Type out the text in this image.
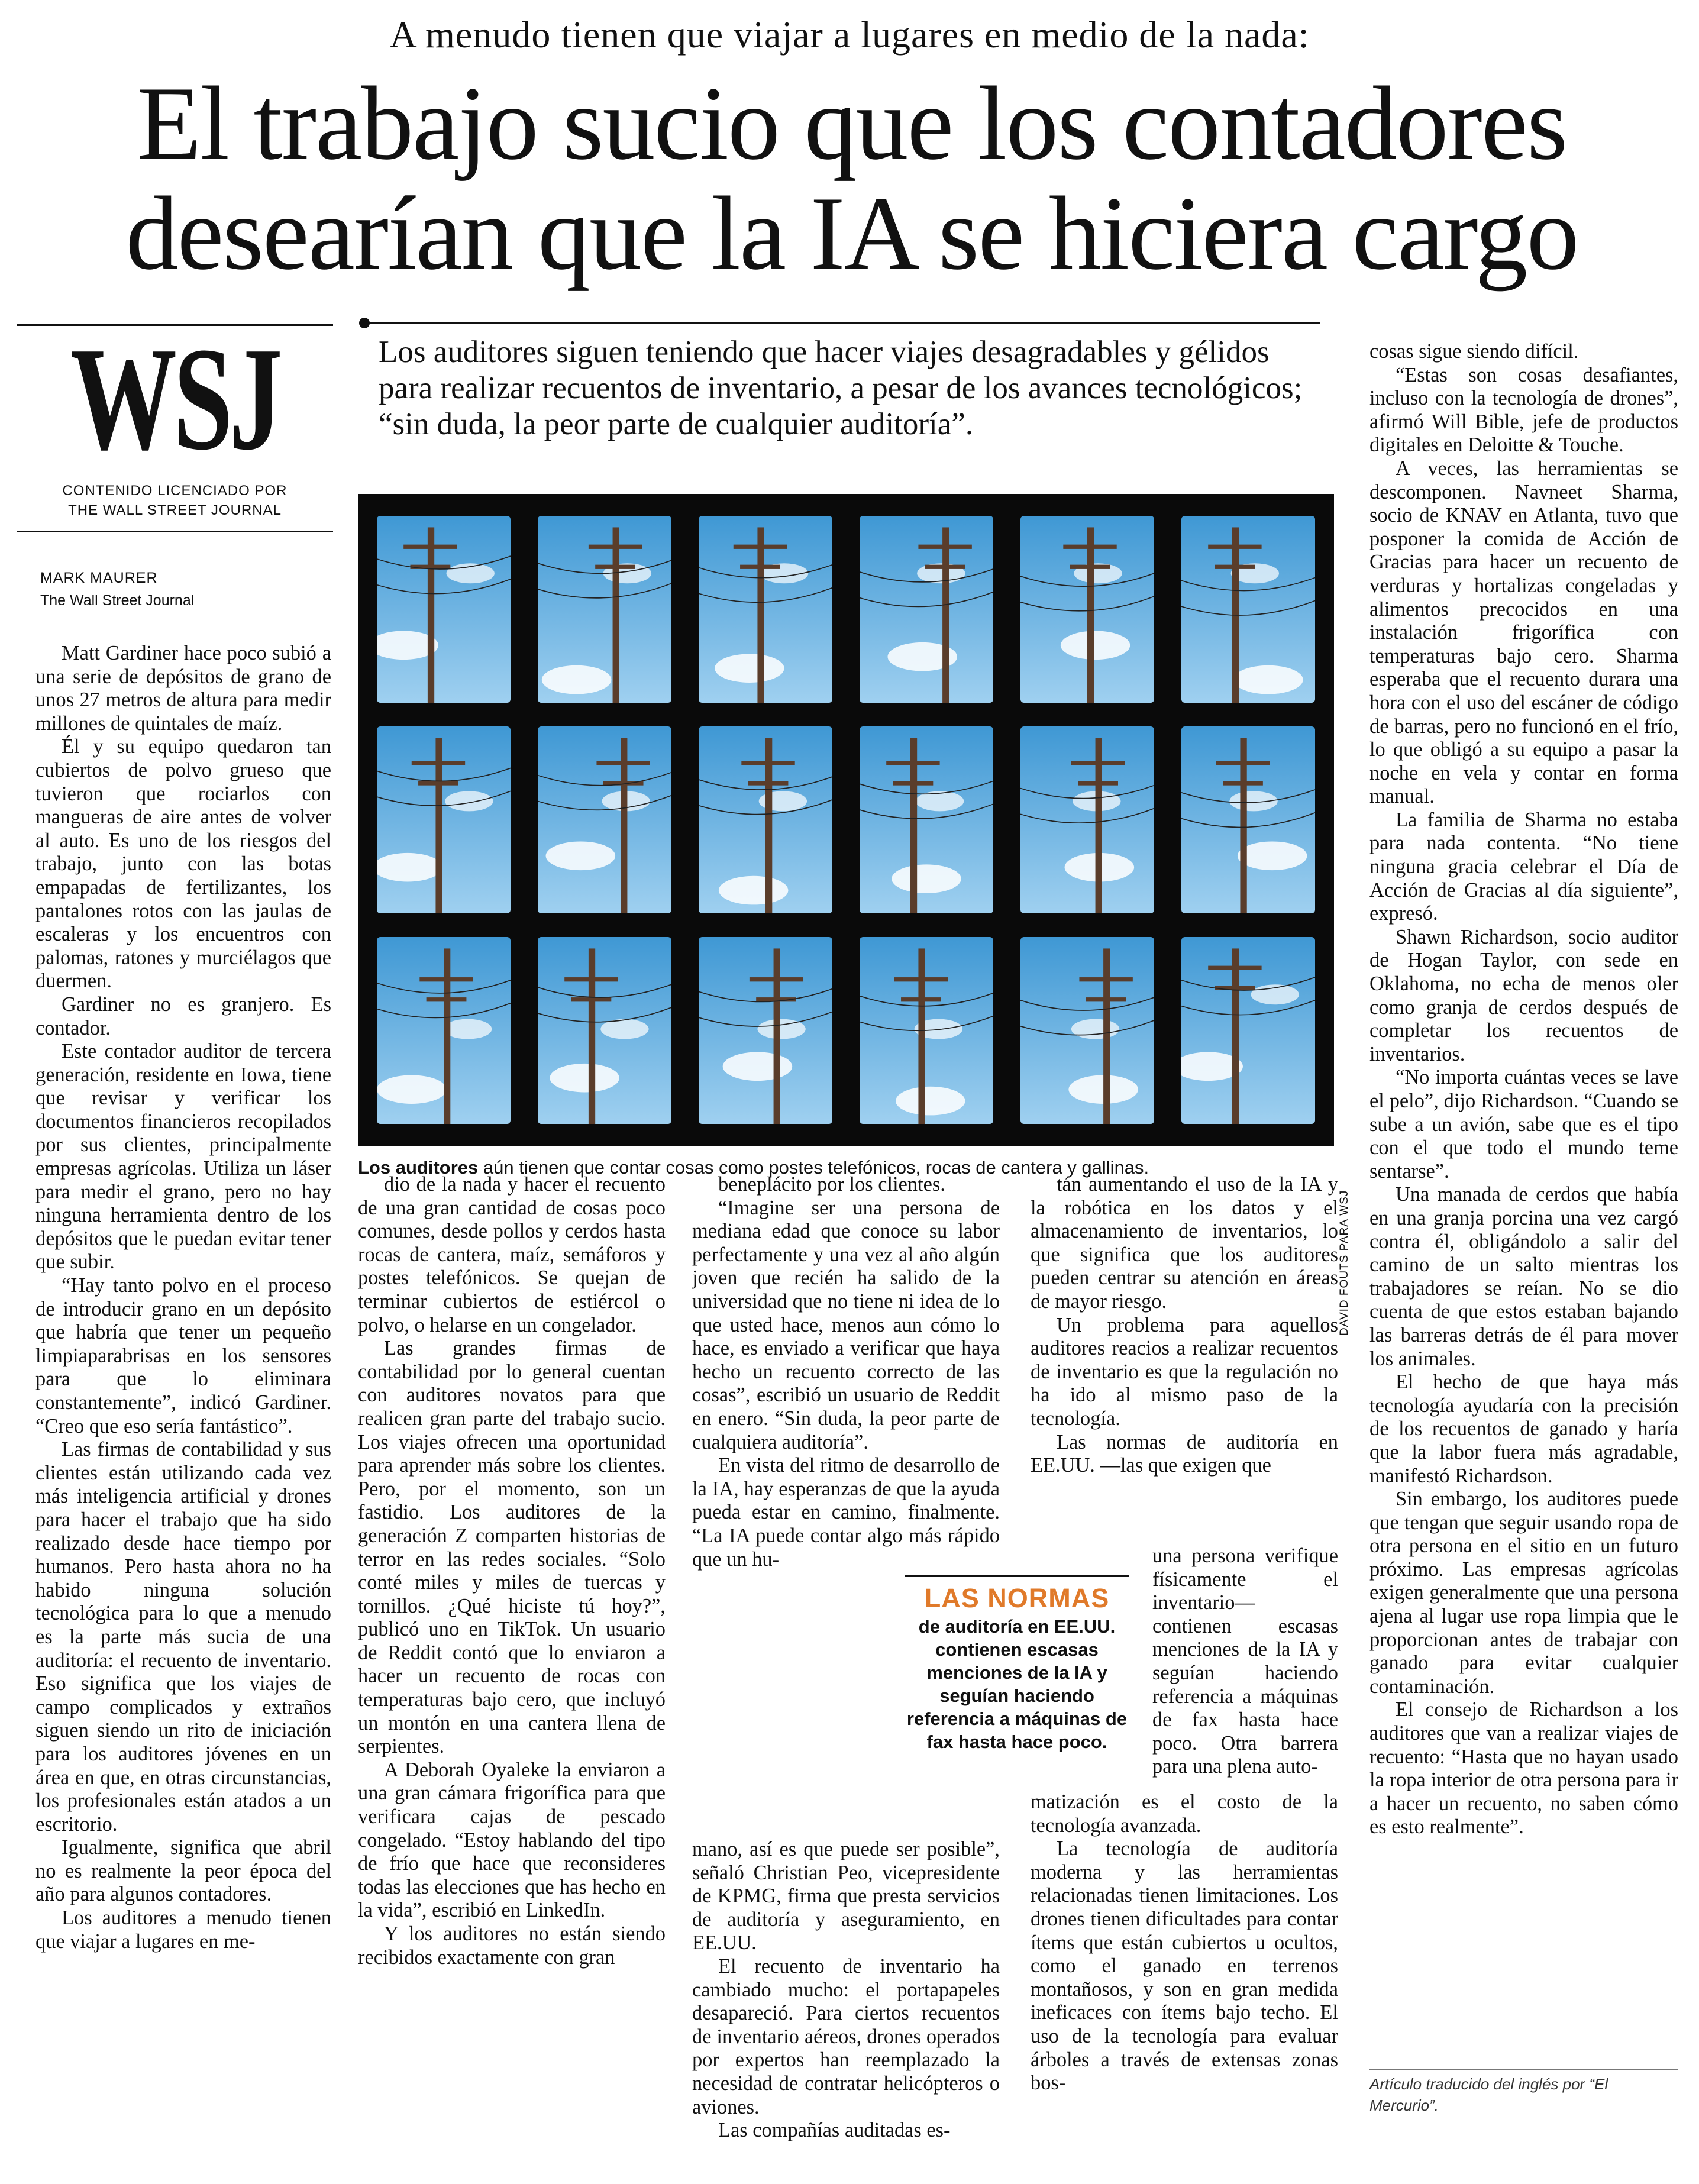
A menudo tienen que viajar a lugares en medio de la nada:
El trabajo sucio que los contadores
desearían que la IA se hiciera cargo
WSJ
CONTENIDO LICENCIADO POR
THE WALL STREET JOURNAL
MARK MAURER
The Wall Street Journal
Los auditores siguen teniendo que hacer viajes desagradables y gélidos para realizar recuentos de inventario, a pesar de los avances tecnológicos; “sin duda, la peor parte de cualquier auditoría”.
DAVID FOUTS PARA WSJ
Los auditores aún tienen que contar cosas como postes telefónicos, rocas de cantera y gallinas.

Matt Gardiner hace poco subió a una serie de depósitos de grano de unos 27 metros de altura para medir millones de quintales de maíz.

Él y su equipo quedaron tan cubiertos de polvo grueso que tuvieron que rociarlos con mangueras de aire antes de volver al auto. Es uno de los riesgos del trabajo, junto con las botas empapadas de fertilizantes, los pantalones rotos con las jaulas de escaleras y los encuentros con palomas, ratones y murciélagos que duermen.

Gardiner no es granjero. Es contador.

Este contador auditor de tercera generación, residente en Iowa, tiene que revisar y verificar los documentos financieros recopilados por sus clientes, principalmente empresas agrícolas. Utiliza un láser para medir el grano, pero no hay ninguna herramienta dentro de los depósitos que le puedan evitar tener que subir.

“Hay tanto polvo en el proceso de introducir grano en un depósito que habría que tener un pequeño limpiaparabrisas en los sensores para que lo eliminara constantemente”, indicó Gardiner. “Creo que eso sería fantástico”.

Las firmas de contabilidad y sus clientes están utilizando cada vez más inteligencia artificial y drones para hacer el trabajo que ha sido realizado desde hace tiempo por humanos. Pero hasta ahora no ha habido ninguna solución tecnológica para lo que a menudo es la parte más sucia de una auditoría: el recuento de inventario. Eso significa que los viajes de campo complicados y extraños siguen siendo un rito de iniciación para los auditores jóvenes en un área en que, en otras circunstancias, los profesionales están atados a un escritorio.

Igualmente, significa que abril no es realmente la peor época del año para algunos contadores.

Los auditores a menudo tienen que viajar a lugares en me-

dio de la nada y hacer el recuento de una gran cantidad de cosas poco comunes, desde pollos y cerdos hasta rocas de cantera, maíz, semáforos y postes telefónicos. Se quejan de terminar cubiertos de estiércol o polvo, o helarse en un congelador.

Las grandes firmas de contabilidad por lo general cuentan con auditores novatos para que realicen gran parte del trabajo sucio. Los viajes ofrecen una oportunidad para aprender más sobre los clientes. Pero, por el momento, son un fastidio. Los auditores de la generación Z comparten historias de terror en las redes sociales. “Solo conté miles y miles de tuercas y tornillos. ¿Qué hiciste tú hoy?”, publicó uno en TikTok. Un usuario de Reddit contó que lo enviaron a hacer un recuento de rocas con temperaturas bajo cero, que incluyó un montón en una cantera llena de serpientes.

A Deborah Oyaleke la enviaron a una gran cámara frigorífica para que verificara cajas de pescado congelado. “Estoy hablando del tipo de frío que hace que reconsideres todas las elecciones que has hecho en la vida”, escribió en LinkedIn.

Y los auditores no están siendo recibidos exactamente con gran

beneplácito por los clientes.

“Imagine ser una persona de mediana edad que conoce su labor perfectamente y una vez al año algún joven que recién ha salido de la universidad que no tiene ni idea de lo que usted hace, menos aun cómo lo hace, es enviado a verificar que haya hecho un recuento correcto de las cosas”, escribió un usuario de Reddit en enero. “Sin duda, la peor parte de cualquiera auditoría”.

En vista del ritmo de desarrollo de la IA, hay esperanzas de que la ayuda pueda estar en camino, finalmente. “La IA puede contar algo más rápido que un hu-

mano, así es que puede ser posible”, señaló Christian Peo, vicepresidente de KPMG, firma que presta servicios de auditoría y aseguramiento, en EE.UU.

El recuento de inventario ha cambiado mucho: el portapapeles desapareció. Para ciertos recuentos de inventario aéreos, drones operados por expertos han reemplazado la necesidad de contratar helicópteros o aviones.

Las compañías auditadas es-

tán aumentando el uso de la IA y la robótica en los datos y el almacenamiento de inventarios, lo que significa que los auditores pueden centrar su atención en áreas de mayor riesgo.

Un problema para aquellos auditores reacios a realizar recuentos de inventario es que la regulación no ha ido al mismo paso de la tecnología.

Las normas de auditoría en EE.UU. —las que exigen que

una persona verifique físicamente el inventario— contienen escasas menciones de la IA y seguían haciendo referencia a máquinas de fax hasta hace poco. Otra barrera para una plena auto-

matización es el costo de la tecnología avanzada.

La tecnología de auditoría moderna y las herramientas relacionadas tienen limitaciones. Los drones tienen dificultades para contar ítems que están cubiertos u ocultos, como el ganado en terrenos montañosos, y son en gran medida ineficaces con ítems bajo techo. El uso de la tecnología para evaluar árboles a través de extensas zonas bos-

cosas sigue siendo difícil.

“Estas son cosas desafiantes, incluso con la tecnología de drones”, afirmó Will Bible, jefe de productos digitales en Deloitte & Touche.

A veces, las herramientas se descomponen. Navneet Sharma, socio de KNAV en Atlanta, tuvo que posponer la comida de Acción de Gracias para hacer un recuento de verduras y hortalizas congeladas y alimentos precocidos en una instalación frigorífica con temperaturas bajo cero. Sharma esperaba que el recuento durara una hora con el uso del escáner de código de barras, pero no funcionó en el frío, lo que obligó a su equipo a pasar la noche en vela y contar en forma manual.

La familia de Sharma no estaba para nada contenta. “No tiene ninguna gracia celebrar el Día de Acción de Gracias al día siguiente”, expresó.

Shawn Richardson, socio auditor de Hogan Taylor, con sede en Oklahoma, no echa de menos oler como granja de cerdos después de completar los recuentos de inventarios.

“No importa cuántas veces se lave el pelo”, dijo Richardson. “Cuando se sube a un avión, sabe que es el tipo con el que todo el mundo teme sentarse”.

Una manada de cerdos que había en una granja porcina una vez cargó contra él, obligándolo a salir del camino de un salto mientras los trabajadores se reían. No se dio cuenta de que estos estaban bajando las barreras detrás de él para mover los animales.

El hecho de que haya más tecnología ayudaría con la precisión de los recuentos de ganado y haría que la labor fuera más agradable, manifestó Richardson.

Sin embargo, los auditores puede que tengan que seguir usando ropa de otra persona en el sitio en un futuro próximo. Las empresas agrícolas exigen generalmente que una persona ajena al lugar use ropa limpia que le proporcionan antes de trabajar con ganado para evitar cualquier contaminación.

El consejo de Richardson a los auditores que van a realizar viajes de recuento: “Hasta que no hayan usado la ropa interior de otra persona para ir a hacer un recuento, no saben cómo es esto realmente”.

LAS NORMAS
de auditoría en EE.UU. contienen escasas menciones de la IA y seguían haciendo referencia a máquinas de fax hasta hace poco.
Artículo traducido del inglés por “El Mercurio”.
